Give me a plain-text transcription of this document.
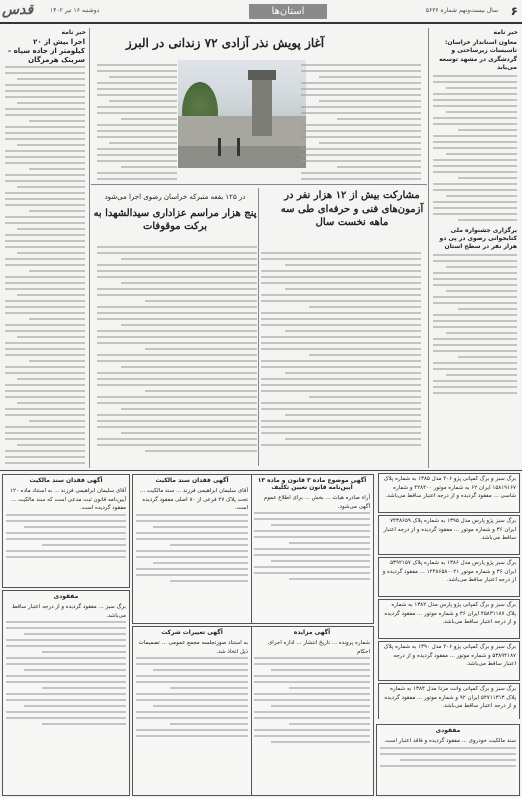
۶
سال بیست‌ونهم شماره ۵۶۳۶
استان‌ها
دوشنبه ۱۶ تیر ۱۴۰۲
قدس
خبر نامه
معاون استاندار خراسان: تاسیسات زیرساختی و گردشگری در مشهد توسعه می‌یابد
برگزاری جشنواره ملی کتابخوانی رضوی در پی دو هزار نفر در سطح استان
خبر نامه
اجرا بیش از ۲۰ کیلومتر از جاده سپاه – سرینک هرمزگان
آغاز پویش نذر آزادی ۷۲ زندانی در البرز
مشارکت بیش از ۱۲ هزار نفر در آزمون‌های فنی و حرفه‌ای طی سه ماهه نخست سال
در ۱۲۵ بقعه متبرکه خراسان رضوی اجرا می‌شود
پنج هزار مراسم عزاداری سیدالشهدا به برکت موقوفات
برگ سبز و برگ کمپانی پژو ۲۰۶ مدل ۱۳۸۵ به شماره پلاک ۱۵۸۱۹۱۶۷ ایران ۶۲ به شماره موتور ۴۲۸۴۰۰ و شماره شاسی ... مفقود گردیده و از درجه اعتبار ساقط می‌باشد.
برگ سبز پژو پارس مدل ۱۳۹۵ به شماره پلاک ۷۴۳۸۶۵۹ ایران ۳۶ و شماره موتور ... مفقود گردیده و از درجه اعتبار ساقط می‌باشد.
برگ سبز پژو پارس مدل ۱۳۸۶ به شماره پلاک ۵۳۹۲۱۵۷ ایران ۳۶ و شماره موتور ۱۲۴۸۶۵۸۰۰۲۱ ... مفقود گردیده و از درجه اعتبار ساقط می‌باشد.
برگ سبز و برگ کمپانی پژو پارس مدل ۱۳۸۲ به شماره پلاک ۴۵۸۳۱۱۸۷ ایران ۳۶ و شماره موتور ... مفقود گردیده و از درجه اعتبار ساقط می‌باشد.
برگ سبز و برگ کمپانی پژو ۲۰۶ مدل ۱۳۹۰ به شماره پلاک ۵۳۸۹۴۱۸۷ و شماره موتور ... مفقود گردیده و از درجه اعتبار ساقط می‌باشد.
برگ سبز و برگ کمپانی وانت مزدا مدل ۱۳۸۴ به شماره پلاک ۵۴۷۱۱۳۱۳ ایران ۹۲ و شماره موتور ... مفقود گردیده و از درجه اعتبار ساقط می‌باشد.
آگهی موضوع ماده ۳ قانون و ماده ۱۳ آیین‌نامه قانون تعیین تکلیف
آراء صادره هیات ... بخش ... برای اطلاع عموم آگهی می‌شود.
آگهی فقدان سند مالکیت
آقای سلیمان ابراهیمی فرزند ... سند مالکیت ... تحت پلاک ۲۷ فرعی از ۸۰ اصلی مفقود گردیده است.
آگهی فقدان سند مالکیت
آقای سلیمان ابراهیمی فرزند ... به استناد ماده ۱۲۰ آیین‌نامه قانون ثبت مدعی است که سند مالکیت ... مفقود گردیده است.
آگهی مزایده
شماره پرونده ... تاریخ انتشار ... اداره اجرای احکام
آگهی تغییرات شرکت
به استناد صورتجلسه مجمع عمومی ... تصمیمات ذیل اتخاذ شد.
مفقودی
برگ سبز ... مفقود گردیده و از درجه اعتبار ساقط می‌باشد.
مفقودی
سند مالکیت خودروی ... مفقود گردیده و فاقد اعتبار است.
